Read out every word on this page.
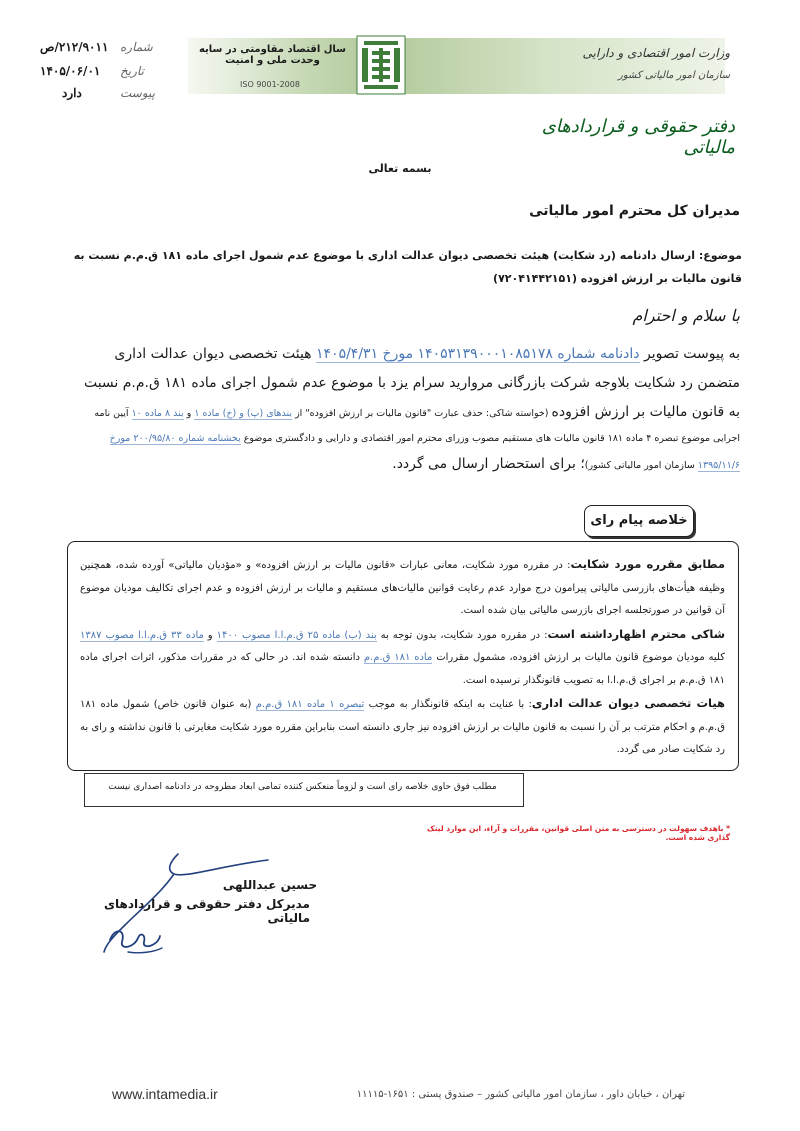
۲۱۲/۹۰۱۱/ص شماره
۱۴۰۵/۰۶/۰۱ تاریخ
دارد	پیوست
سال اقتصاد مقاومتی در سایه وحدت ملی و امنیت
ISO 9001-2008
وزارت امور اقتصادی و دارایی
سازمان امور مالیاتی کشور
دفتر حقوقی و قراردادهای مالیاتی
بسمه تعالی
مدیران کل محترم امور مالیاتی
موضوع: ارسال دادنامه (رد شکایت) هیئت تخصصی دیوان عدالت اداری با موضوع عدم شمول اجرای ماده ۱۸۱ ق.م.م نسبت به قانون مالیات بر ارزش افزوده (۷۲۰۴۱۴۴۲۱۵۱)
با سلام و احترام
به پیوست تصویر دادنامه شماره ۱۴۰۵۳۱۳۹۰۰۰۱۰۸۵۱۷۸ مورخ ۱۴۰۵/۴/۳۱ هیئت تخصصی دیوان عدالت اداری
متضمن رد شکایت بلاوجه شرکت بازرگانی مروارید سرام یزد با موضوع عدم شمول اجرای ماده ۱۸۱ ق.م.م نسبت
به قانون مالیات بر ارزش افزوده (خواسته شاکی: حذف عبارت "قانون مالیات بر ارزش افزوده" از بندهای (پ) و (خ) ماده ۱ و بند ۸ ماده ۱۰ آیین نامه
اجرایی موضوع تبصره ۴ ماده ۱۸۱ قانون مالیات های مستقیم مصوب وزرای محترم امور اقتصادی و دارایی و دادگستری موضوع بخشنامه شماره ۲۰۰/۹۵/۸۰ مورخ
۱۳۹۵/۱۱/۶ سازمان امور مالیاتی کشور)؛ برای استحضار ارسال می گردد.
خلاصه پیام رای
مطابق مقرره مورد شکایت: در مقرره مورد شکایت، معانی عبارات «قانون مالیات بر ارزش افزوده» و «مؤدیان مالیاتی» آورده شده، همچنین وظیفه هیأت‌های بازرسی مالیاتی پیرامون درج موارد عدم رعایت قوانین مالیات‌های مستقیم و مالیات بر ارزش افزوده و عدم اجرای تکالیف مودیان موضوع آن قوانین در صورتجلسه اجرای بازرسی مالیاتی بیان شده است.
شاکی محترم اظهارداشته است: در مقرره مورد شکایت، بدون توجه به بند (ب) ماده ۲۵ ق.م.ا.ا مصوب ۱۴۰۰ و ماده ۳۳ ق.م.ا.ا مصوب ۱۳۸۷ کلیه مودیان موضوع قانون مالیات بر ارزش افزوده، مشمول مقررات ماده ۱۸۱ ق.م.م دانسته شده اند. در حالی که در مقررات مذکور، اثرات اجرای ماده ۱۸۱ ق.م.م بر اجرای ق.م.ا.ا به تصویب قانونگذار نرسیده است.
هیات تخصصی دیوان عدالت اداری: با عنایت به اینکه قانونگذار به موجب تبصره ۱ ماده ۱۸۱ ق.م.م (به عنوان قانون خاص) شمول ماده ۱۸۱ ق.م.م و احکام مترتب بر آن را نسبت به قانون مالیات بر ارزش افزوده نیز جاری دانسته است بنابراین مقرره مورد شکایت مغایرتی با قانون نداشته و رای به رد شکایت صادر می گردد.
مطلب فوق حاوی خلاصه رای است و لزوماً منعکس کننده تمامی ابعاد مطروحه در دادنامه اصداری نیست
* باهدف سهولت در دسترسی به متن اصلی قوانین، مقررات و آراء، این موارد لینک گذاری شده است.
حسین عبداللهی
مدیرکل دفتر حقوقی و قراردادهای مالیاتی
www.intamedia.ir	تهران ، خیابان داور ، سازمان امور مالیاتی کشور – صندوق پستی : ۱۶۵۱-۱۱۱۱۵
